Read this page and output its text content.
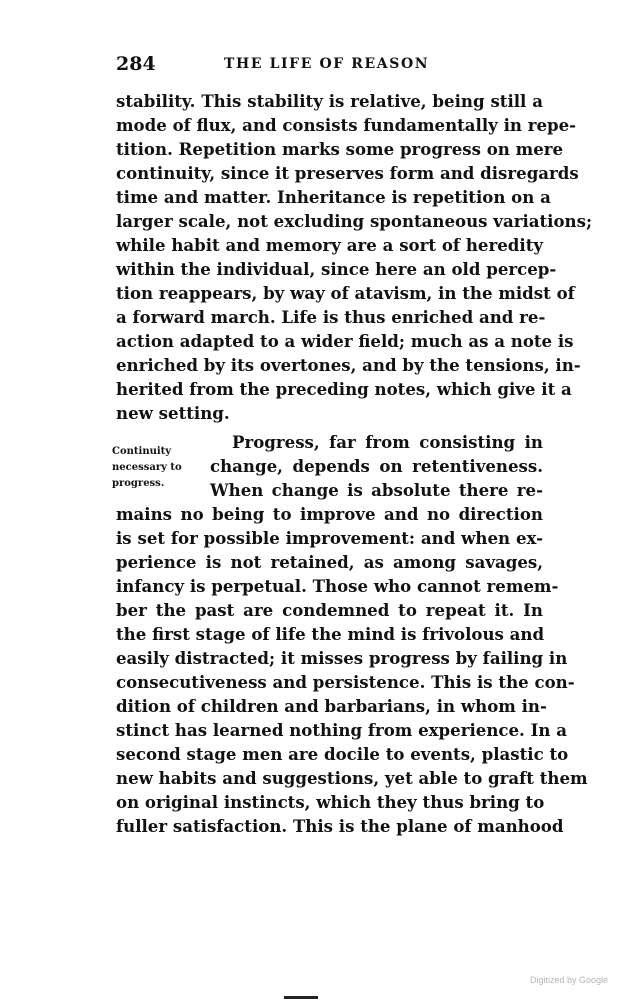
284	THE LIFE OF REASON
stability. This stability is relative, being still a
mode of flux, and consists fundamentally in repe-
tition. Repetition marks some progress on mere
continuity, since it preserves form and disregards
time and matter. Inheritance is repetition on a
larger scale, not excluding spontaneous variations;
while habit and memory are a sort of heredity
within the individual, since here an old percep-
tion reappears, by way of atavism, in the midst of
a forward march. Life is thus enriched and re-
action adapted to a wider field; much as a note is
enriched by its overtones, and by the tensions, in-
herited from the preceding notes, which give it a
new setting.
Progress, far from consisting in
change, depends on retentiveness.
When change is absolute there re-
mains no being to improve and no direction
is set for possible improvement: and when ex-
perience is not retained, as among savages,
infancy is perpetual. Those who cannot remem-
ber the past are condemned to repeat it. In
the first stage of life the mind is frivolous and
easily distracted; it misses progress by failing in
consecutiveness and persistence. This is the con-
dition of children and barbarians, in whom in-
stinct has learned nothing from experience. In a
second stage men are docile to events, plastic to
new habits and suggestions, yet able to graft them
on original instincts, which they thus bring to
fuller satisfaction. This is the plane of manhood
Continuity
necessary to
progress.
Digitized by Google
